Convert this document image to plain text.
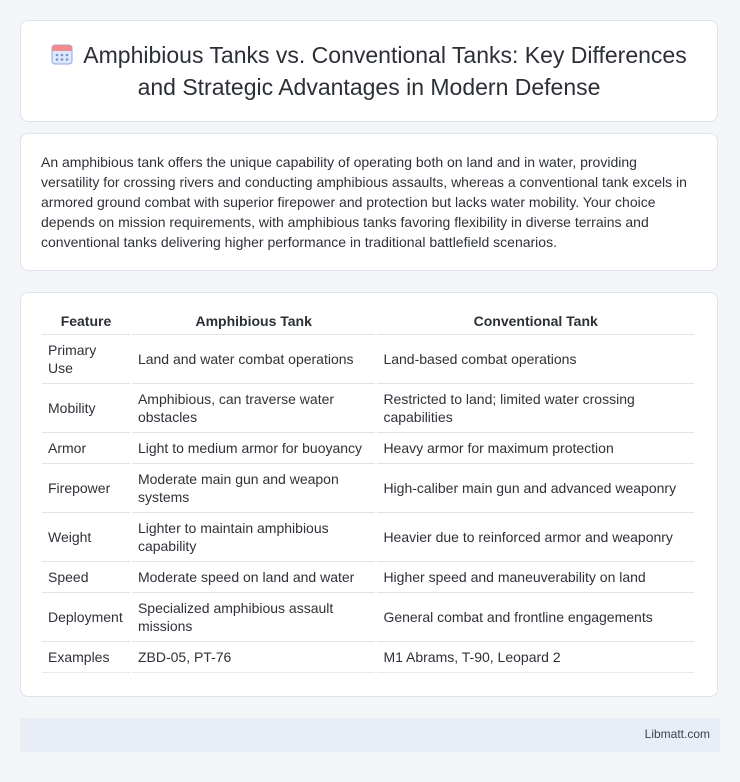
Amphibious Tanks vs. Conventional Tanks: Key Differences and Strategic Advantages in Modern Defense

An amphibious tank offers the unique capability of operating both on land and in water, providing versatility for crossing rivers and conducting amphibious assaults, whereas a conventional tank excels in armored ground combat with superior firepower and protection but lacks water mobility. Your choice depends on mission requirements, with amphibious tanks favoring flexibility in diverse terrains and conventional tanks delivering higher performance in traditional battlefield scenarios.

Feature	Amphibious Tank	Conventional Tank
Primary Use	Land and water combat operations	Land-based combat operations
Mobility	Amphibious, can traverse water obstacles	Restricted to land; limited water crossing capabilities
Armor	Light to medium armor for buoyancy	Heavy armor for maximum protection
Firepower	Moderate main gun and weapon systems	High-caliber main gun and advanced weaponry
Weight	Lighter to maintain amphibious capability	Heavier due to reinforced armor and weaponry
Speed	Moderate speed on land and water	Higher speed and maneuverability on land
Deployment	Specialized amphibious assault missions	General combat and frontline engagements
Examples	ZBD-05, PT-76	M1 Abrams, T-90, Leopard 2
Libmatt.com
